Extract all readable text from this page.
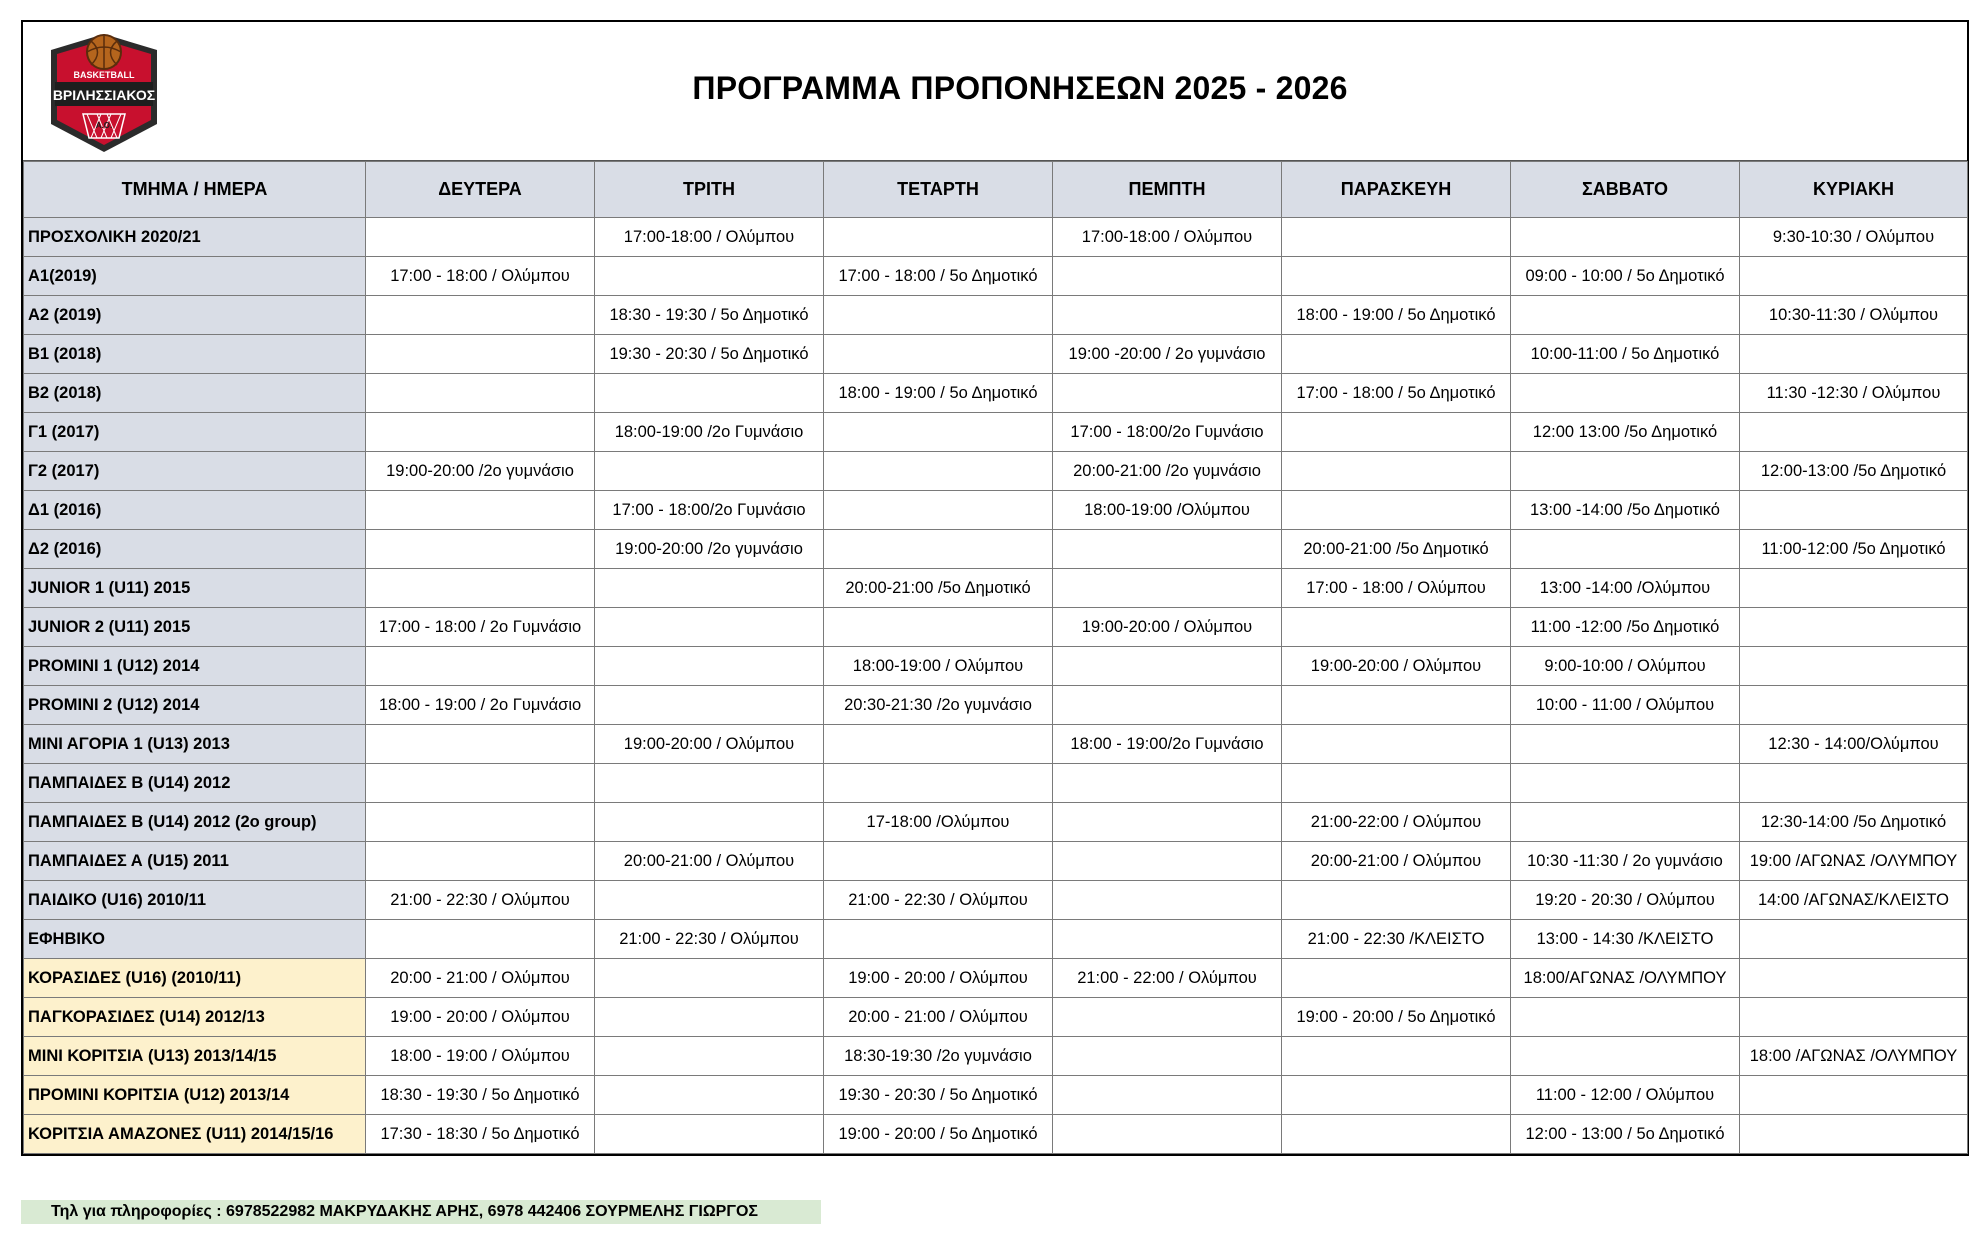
BASKETBALL
ΒΡΙΛΗΣΣΙΑΚΟΣ
Α.Ο.
ΠΡΟΓΡΑΜΜΑ ΠΡΟΠΟΝΗΣΕΩΝ 2025 - 2026
ΤΜΗΜΑ / ΗΜΕΡΑ	ΔΕΥΤΕΡΑ	ΤΡΙΤΗ	ΤΕΤΑΡΤΗ	ΠΕΜΠΤΗ	ΠΑΡΑΣΚΕΥΗ	ΣΑΒΒΑΤΟ	ΚΥΡΙΑΚΗ
ΠΡΟΣΧΟΛΙΚΗ 2020/21		17:00-18:00 / Ολύμπου		17:00-18:00 / Ολύμπου			9:30-10:30 / Ολύμπου
Α1(2019)	17:00 - 18:00 / Ολύμπου		17:00 - 18:00 / 5ο Δημοτικό			09:00 - 10:00 / 5ο Δημοτικό	
Α2 (2019)		18:30 - 19:30 / 5ο Δημοτικό			18:00 - 19:00 / 5ο Δημοτικό		10:30-11:30 / Ολύμπου
Β1 (2018)		19:30 - 20:30 / 5ο Δημοτικό		19:00 -20:00 / 2ο γυμνάσιο		10:00-11:00 / 5ο Δημοτικό	
Β2 (2018)			18:00 - 19:00 / 5ο Δημοτικό		17:00 - 18:00 / 5ο Δημοτικό		11:30 -12:30 / Ολύμπου
Γ1 (2017)		18:00-19:00 /2ο Γυμνάσιο		17:00 - 18:00/2ο Γυμνάσιο		12:00 13:00 /5ο Δημοτικό	
Γ2 (2017)	19:00-20:00 /2ο γυμνάσιο			20:00-21:00 /2ο γυμνάσιο			12:00-13:00 /5ο Δημοτικό
Δ1 (2016)		17:00 - 18:00/2ο Γυμνάσιο		18:00-19:00 /Ολύμπου		13:00 -14:00 /5ο Δημοτικό	
Δ2 (2016)		19:00-20:00 /2ο γυμνάσιο			20:00-21:00 /5ο Δημοτικό		11:00-12:00 /5ο Δημοτικό
JUNIOR 1 (U11) 2015			20:00-21:00 /5ο Δημοτικό		17:00 - 18:00 / Ολύμπου	13:00 -14:00 /Ολύμπου	
JUNIOR 2 (U11) 2015	17:00 - 18:00 / 2ο Γυμνάσιο			19:00-20:00 / Ολύμπου		11:00 -12:00 /5ο Δημοτικό	
PROMINI 1 (U12) 2014			18:00-19:00 / Ολύμπου		19:00-20:00 / Ολύμπου	9:00-10:00 / Ολύμπου	
PROMINI 2 (U12) 2014	18:00 - 19:00 / 2ο Γυμνάσιο		20:30-21:30 /2ο γυμνάσιο			10:00 - 11:00 / Ολύμπου	
ΜΙΝΙ ΑΓΟΡΙΑ 1 (U13) 2013		19:00-20:00 / Ολύμπου		18:00 - 19:00/2ο Γυμνάσιο			12:30 - 14:00/Ολύμπου
ΠΑΜΠΑΙΔΕΣ Β (U14) 2012							
ΠΑΜΠΑΙΔΕΣ Β (U14) 2012 (2o group)			17-18:00 /Ολύμπου		21:00-22:00 / Ολύμπου		12:30-14:00 /5ο Δημοτικό
ΠΑΜΠΑΙΔΕΣ Α (U15) 2011		20:00-21:00 / Ολύμπου			20:00-21:00 / Ολύμπου	10:30 -11:30 / 2ο γυμνάσιο	19:00 /ΑΓΩΝΑΣ /ΟΛΥΜΠΟΥ
ΠΑΙΔΙΚΟ (U16) 2010/11	21:00 - 22:30 / Ολύμπου		21:00 - 22:30 / Ολύμπου			19:20 - 20:30 / Ολύμπου	14:00 /ΑΓΩΝΑΣ/ΚΛΕΙΣΤΟ
ΕΦΗΒΙΚΟ		21:00 - 22:30 / Ολύμπου			21:00 - 22:30 /ΚΛΕΙΣΤΟ	13:00 - 14:30 /ΚΛΕΙΣΤΟ	
ΚΟΡΑΣΙΔΕΣ (U16) (2010/11)	20:00 - 21:00 / Ολύμπου		19:00 - 20:00 / Ολύμπου	21:00 - 22:00 / Ολύμπου		18:00/ΑΓΩΝΑΣ /ΟΛΥΜΠΟΥ	
ΠΑΓΚΟΡΑΣΙΔΕΣ (U14) 2012/13	19:00 - 20:00 / Ολύμπου		20:00 - 21:00 / Ολύμπου		19:00 - 20:00 / 5ο Δημοτικό		
ΜΙΝΙ ΚΟΡΙΤΣΙΑ (U13) 2013/14/15	18:00 - 19:00 / Ολύμπου		18:30-19:30 /2ο γυμνάσιο				18:00 /ΑΓΩΝΑΣ /ΟΛΥΜΠΟΥ
ΠΡΟΜΙΝΙ ΚΟΡΙΤΣΙΑ (U12) 2013/14	18:30 - 19:30 / 5ο Δημοτικό		19:30 - 20:30 / 5ο Δημοτικό			11:00 - 12:00 / Ολύμπου	
ΚΟΡΙΤΣΙΑ ΑΜΑΖΟΝΕΣ (U11) 2014/15/16	17:30 - 18:30 / 5ο Δημοτικό		19:00 - 20:00 / 5ο Δημοτικό			12:00 - 13:00 / 5ο Δημοτικό	
Τηλ για πληροφορίες : 6978522982 ΜΑΚΡΥΔΑΚΗΣ ΑΡΗΣ, 6978 442406 ΣΟΥΡΜΕΛΗΣ ΓΙΩΡΓΟΣ
